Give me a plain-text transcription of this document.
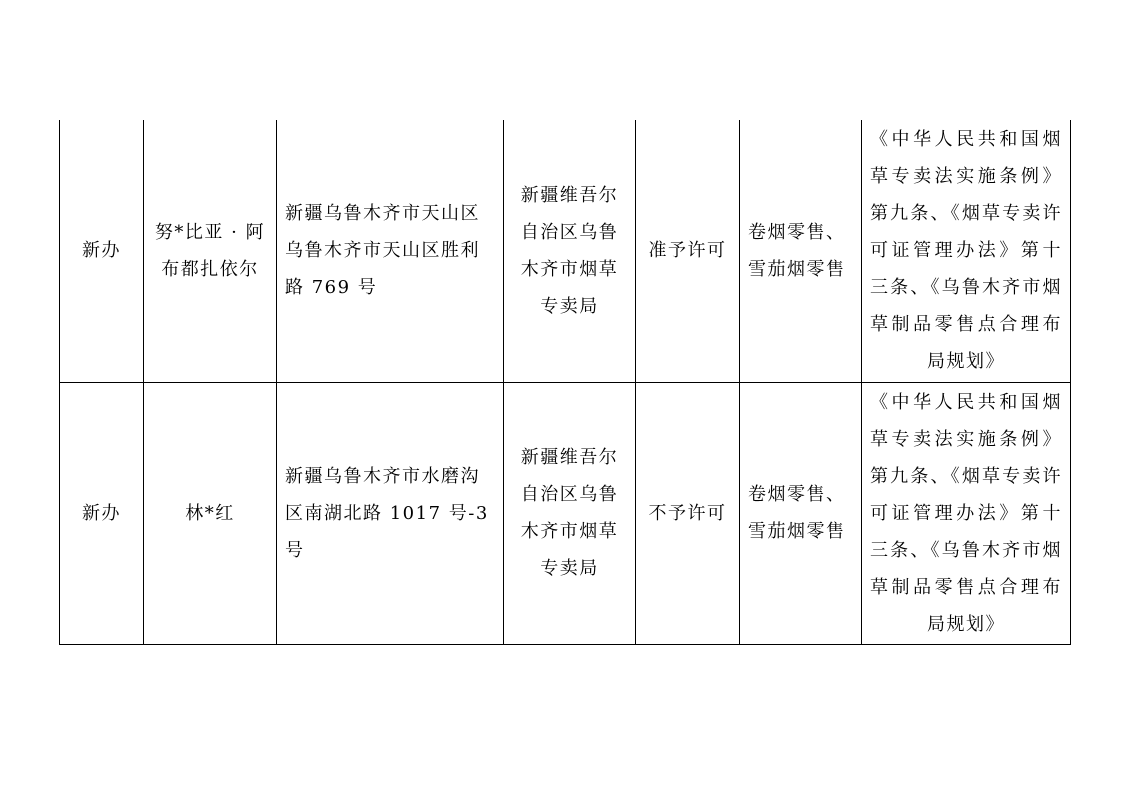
新办	努*比亚 · 阿布都扎依尔	新疆乌鲁木齐市天山区乌鲁木齐市天山区胜利路 769 号	新疆维吾尔自治区乌鲁木齐市烟草专卖局	准予许可	卷烟零售、雪茄烟零售	《中华人民共和国烟草专卖法实施条例》第九条、《烟草专卖许可证管理办法》第十三条、《乌鲁木齐市烟草制品零售点合理布局规划》
新办	林*红	新疆乌鲁木齐市水磨沟区南湖北路 1017 号-3 号	新疆维吾尔自治区乌鲁木齐市烟草专卖局	不予许可	卷烟零售、雪茄烟零售	《中华人民共和国烟草专卖法实施条例》第九条、《烟草专卖许可证管理办法》第十三条、《乌鲁木齐市烟草制品零售点合理布局规划》
